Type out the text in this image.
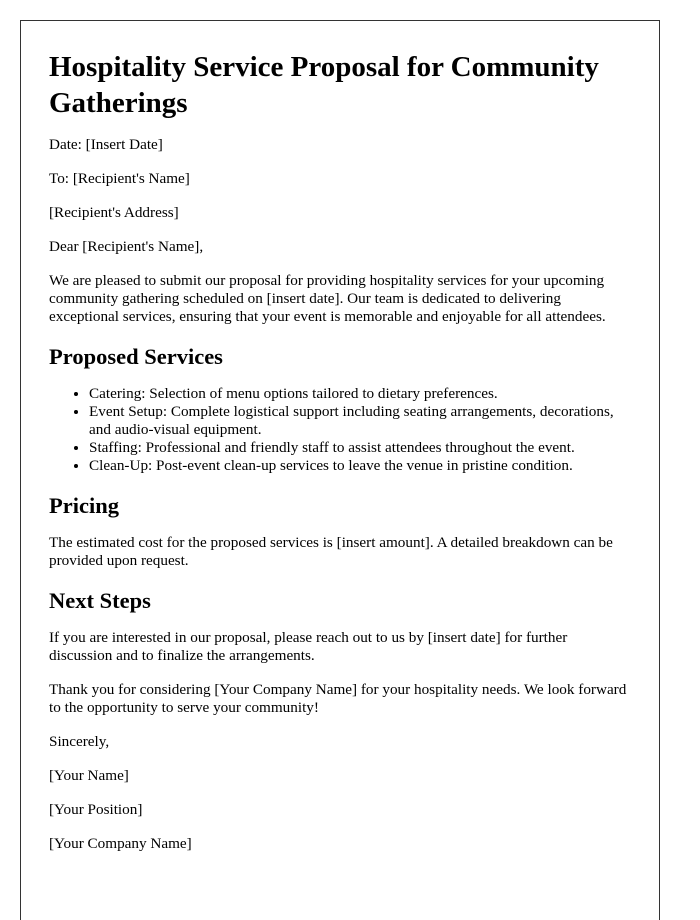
Hospitality Service Proposal for Community Gatherings

Date: [Insert Date]

To: [Recipient's Name]

[Recipient's Address]

Dear [Recipient's Name],

We are pleased to submit our proposal for providing hospitality services for your upcoming community gathering scheduled on [insert date]. Our team is dedicated to delivering exceptional services, ensuring that your event is memorable and enjoyable for all attendees.

Proposed Services
• Catering: Selection of menu options tailored to dietary preferences.
• Event Setup: Complete logistical support including seating arrangements, decorations, and audio-visual equipment.
• Staffing: Professional and friendly staff to assist attendees throughout the event.
• Clean-Up: Post-event clean-up services to leave the venue in pristine condition.
Pricing

The estimated cost for the proposed services is [insert amount]. A detailed breakdown can be provided upon request.

Next Steps

If you are interested in our proposal, please reach out to us by [insert date] for further discussion and to finalize the arrangements.

Thank you for considering [Your Company Name] for your hospitality needs. We look forward to the opportunity to serve your community!

Sincerely,

[Your Name]

[Your Position]

[Your Company Name]
